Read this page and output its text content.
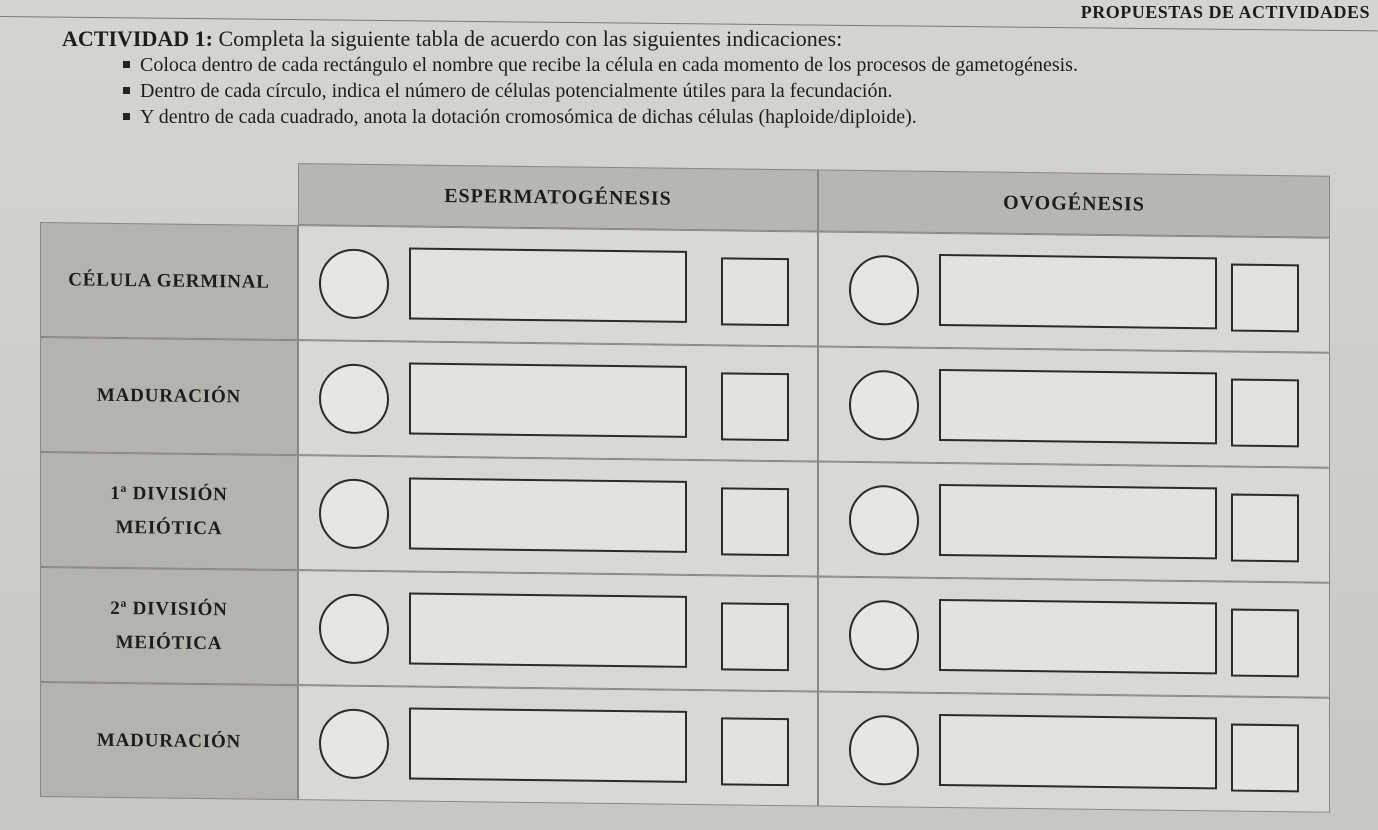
PROPUESTAS DE ACTIVIDADES
ACTIVIDAD 1: Completa la siguiente tabla de acuerdo con las siguientes indicaciones:
Coloca dentro de cada rectángulo el nombre que recibe la célula en cada momento de los procesos de gametogénesis.
Dentro de cada círculo, indica el número de células potencialmente útiles para la fecundación.
Y dentro de cada cuadrado, anota la dotación cromosómica de dichas células (haploide/diploide).
ESPERMATOGÉNESIS	OVOGÉNESIS
CÉLULA GERMINAL

MADURACIÓN

1ª DIVISIÓN
MEIÓTICA
2ª DIVISIÓN
MEIÓTICA
MADURACIÓN
